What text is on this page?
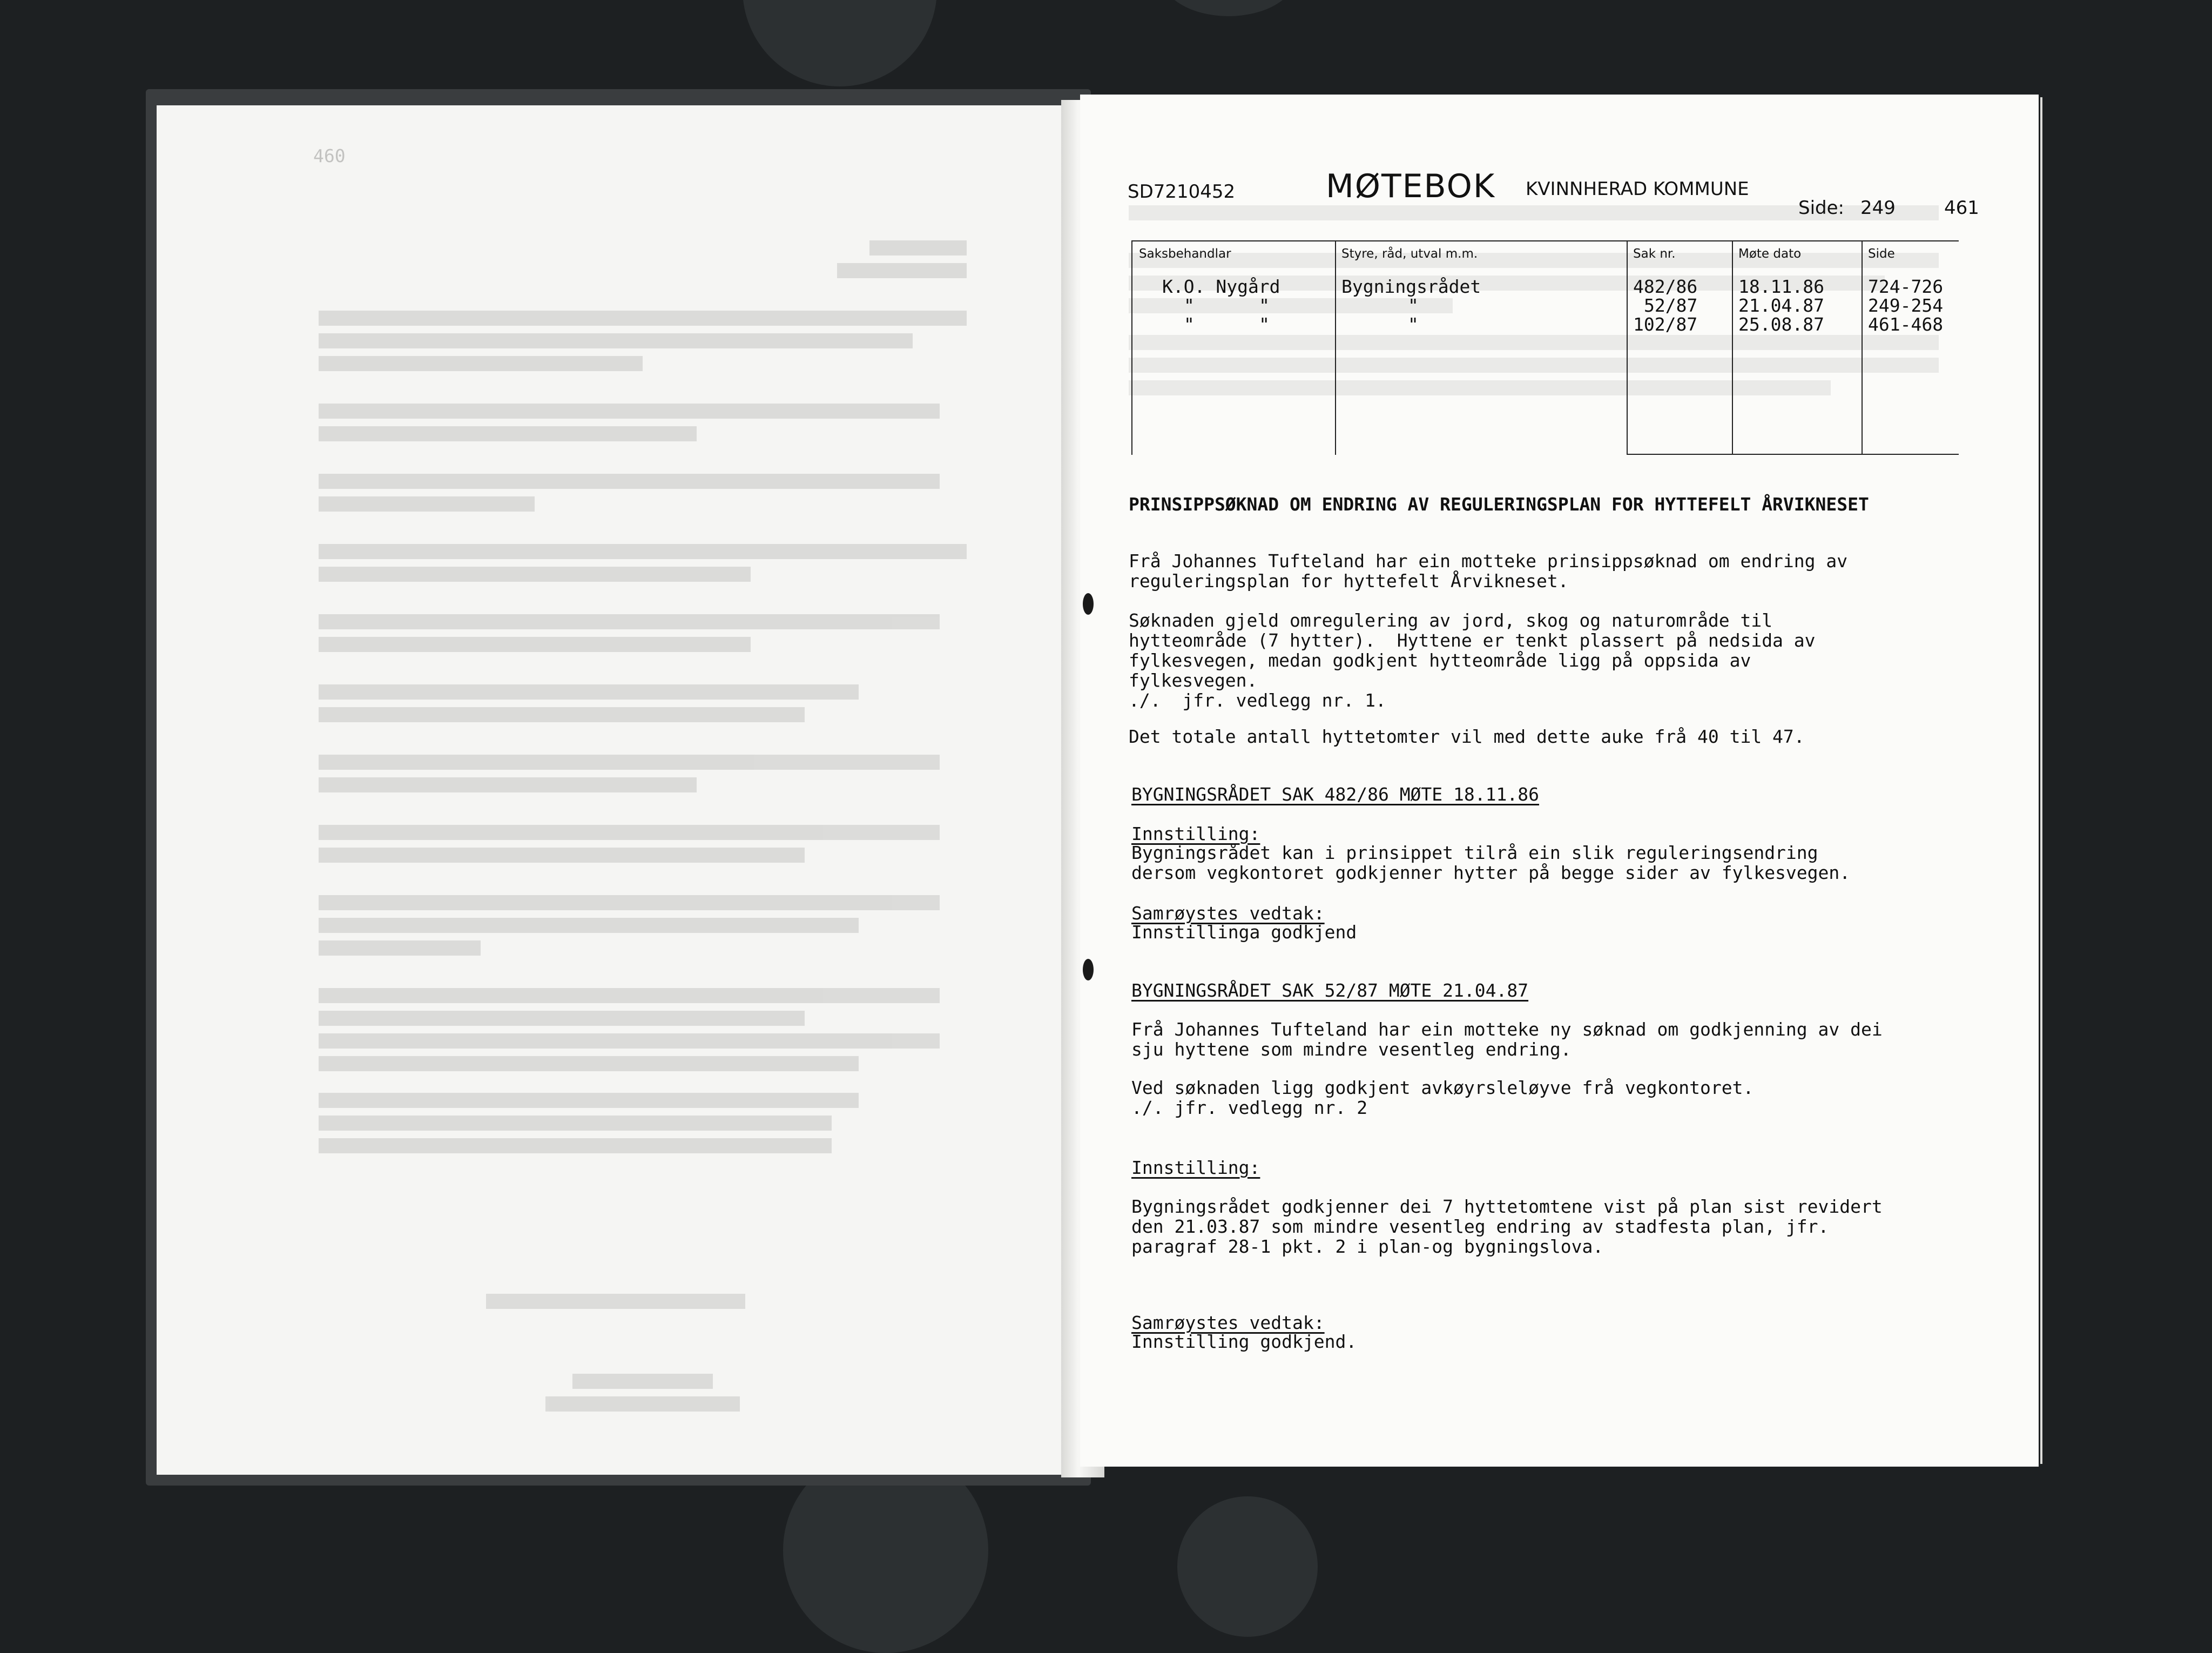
460
SD7210452	MØTEBOK KVINNHERAD KOMMUNE
Side: 249	461
Saksbehandlar	Styre, råd, utval m.m.	Sak nr.	Møte dato	Side
K.O. Nygård	Bygningsrådet	482/86 18.11.86 724-726
"      "	"	52/87 21.04.87 249-254
"      "	"	102/87 25.08.87 461-468
PRINSIPPSØKNAD OM ENDRING AV REGULERINGSPLAN FOR HYTTEFELT ÅRVIKNESET
Frå Johannes Tufteland har ein motteke prinsippsøknad om endring av
reguleringsplan for hyttefelt Årvikneset.
Søknaden gjeld omregulering av jord, skog og naturområde til
hytteområde (7 hytter).  Hyttene er tenkt plassert på nedsida av
fylkesvegen, medan godkjent hytteområde ligg på oppsida av
fylkesvegen.
./.  jfr. vedlegg nr. 1.
Det totale antall hyttetomter vil med dette auke frå 40 til 47.
BYGNINGSRÅDET SAK 482/86 MØTE 18.11.86
Innstilling:
Bygningsrådet kan i prinsippet tilrå ein slik reguleringsendring
dersom vegkontoret godkjenner hytter på begge sider av fylkesvegen.
Samrøystes vedtak:
Innstillinga godkjend
BYGNINGSRÅDET SAK 52/87 MØTE 21.04.87
Frå Johannes Tufteland har ein motteke ny søknad om godkjenning av dei
sju hyttene som mindre vesentleg endring.
Ved søknaden ligg godkjent avkøyrsleløyve frå vegkontoret.
./. jfr. vedlegg nr. 2
Innstilling:
Bygningsrådet godkjenner dei 7 hyttetomtene vist på plan sist revidert
den 21.03.87 som mindre vesentleg endring av stadfesta plan, jfr.
paragraf 28-1 pkt. 2 i plan-og bygningslova.
Samrøystes vedtak:
Innstilling godkjend.
